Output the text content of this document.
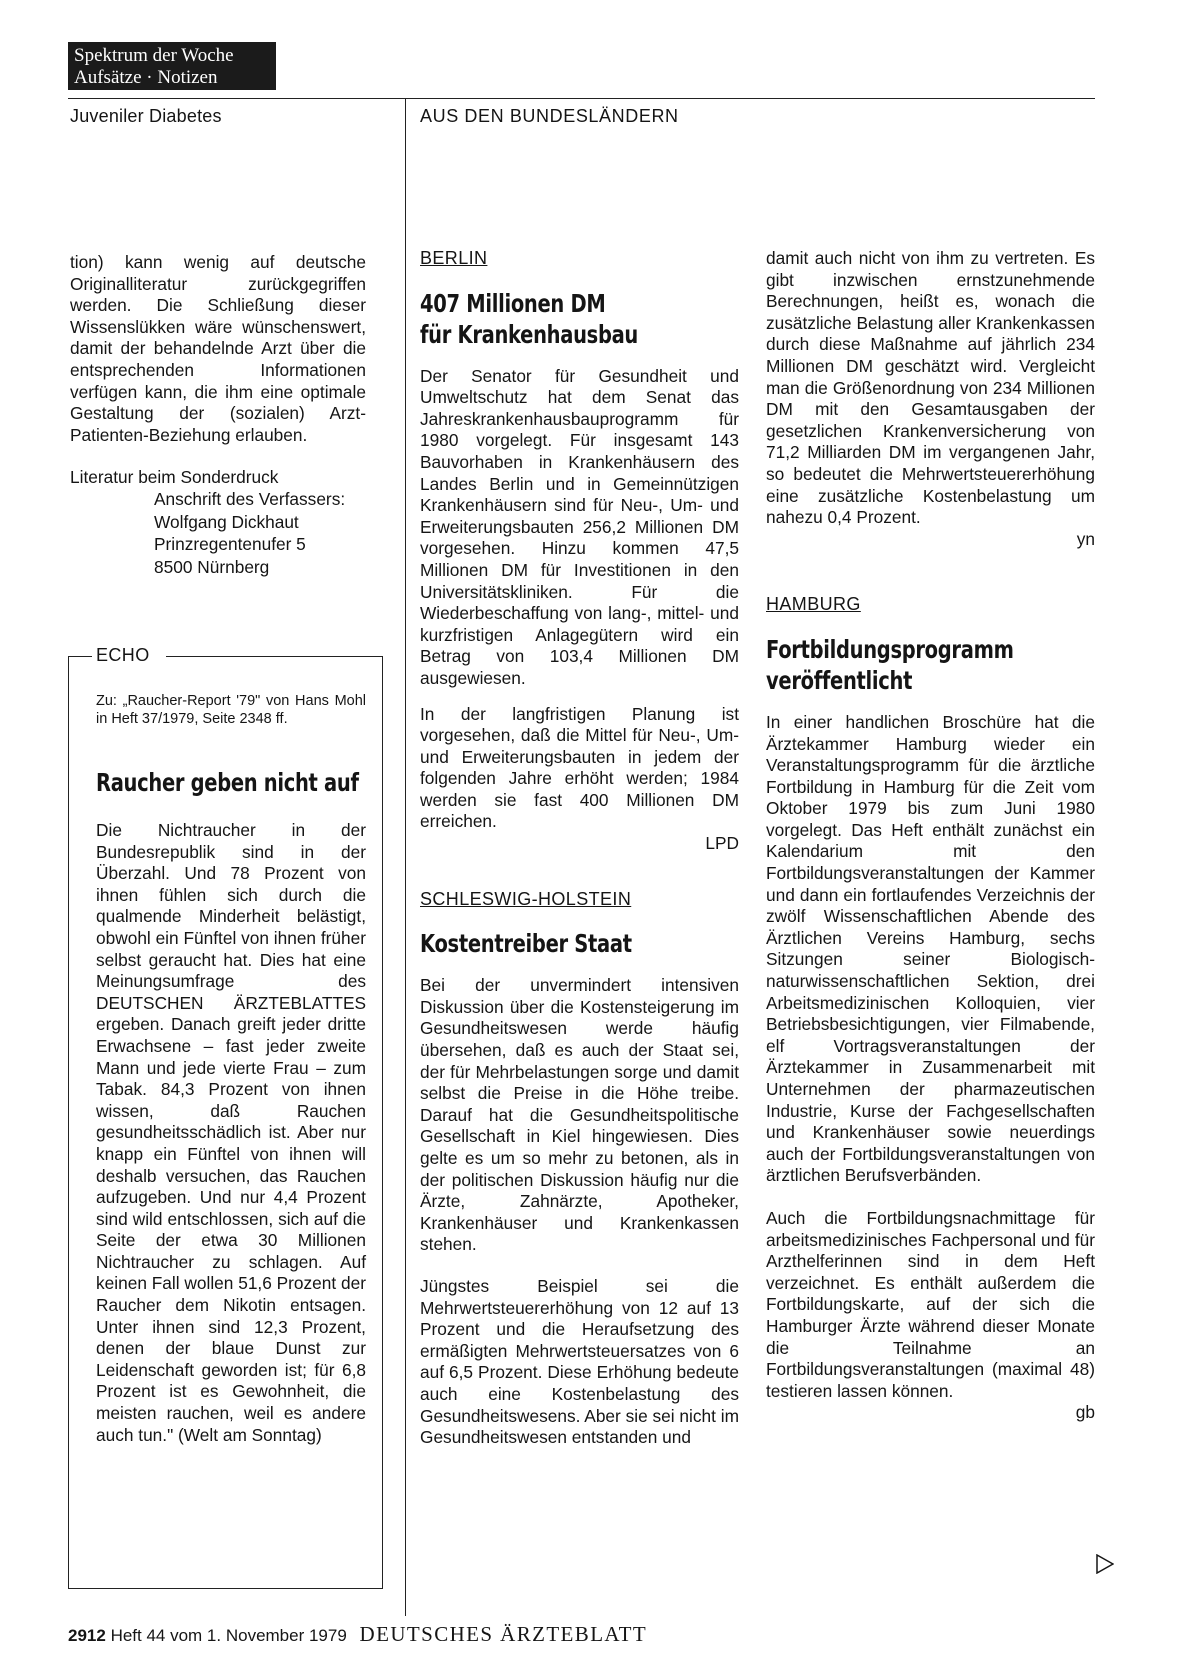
Spektrum der Woche
Aufsätze · Notizen
Juveniler Diabetes	AUS DEN BUNDESLÄNDERN

tion) kann wenig auf deutsche Originalliteratur zurückgegriffen werden. Die Schließung dieser Wissenslükken wäre wünschenswert, damit der behandelnde Arzt über die entsprechenden Informationen verfügen kann, die ihm eine optimale Gestaltung der (sozialen) Arzt-Patienten-Beziehung erlauben.

Literatur beim Sonderdruck

Anschrift des Verfassers:
Wolfgang Dickhaut
Prinzregentenufer 5
8500 Nürnberg
ECHO
Zu: „Raucher-Report '79" von Hans Mohl in Heft 37/1979, Seite 2348 ff.
Raucher geben nicht auf
Die Nichtraucher in der Bundesrepublik sind in der Überzahl. Und 78 Prozent von ihnen fühlen sich durch die qualmende Minderheit belästigt, obwohl ein Fünftel von ihnen früher selbst geraucht hat. Dies hat eine Meinungsumfrage des DEUTSCHEN ÄRZTEBLATTES ergeben. Danach greift jeder dritte Erwachsene – fast jeder zweite Mann und jede vierte Frau – zum Tabak. 84,3 Prozent von ihnen wissen, daß Rauchen gesundheitsschädlich ist. Aber nur knapp ein Fünftel von ihnen will deshalb versuchen, das Rauchen aufzugeben. Und nur 4,4 Prozent sind wild entschlossen, sich auf die Seite der etwa 30 Millionen Nichtraucher zu schlagen. Auf keinen Fall wollen 51,6 Prozent der Raucher dem Nikotin entsagen. Unter ihnen sind 12,3 Prozent, denen der blaue Dunst zur Leidenschaft geworden ist; für 6,8 Prozent ist es Gewohnheit, die meisten rauchen, weil es andere auch tun." (Welt am Sonntag)
BERLIN
407 Millionen DM
für Krankenhausbau

Der Senator für Gesundheit und Umweltschutz hat dem Senat das Jahreskrankenhausbauprogramm für 1980 vorgelegt. Für insgesamt 143 Bauvorhaben in Krankenhäusern des Landes Berlin und in Gemeinnützigen Krankenhäusern sind für Neu-, Um- und Erweiterungsbauten 256,2 Millionen DM vorgesehen. Hinzu kommen 47,5 Millionen DM für Investitionen in den Universitätskliniken. Für die Wiederbeschaffung von lang-, mittel- und kurzfristigen Anlagegütern wird ein Betrag von 103,4 Millionen DM ausgewiesen.

In der langfristigen Planung ist vorgesehen, daß die Mittel für Neu-, Um- und Erweiterungsbauten in jedem der folgenden Jahre erhöht werden; 1984 werden sie fast 400 Millionen DM erreichen.

LPD
SCHLESWIG-HOLSTEIN
Kostentreiber Staat

Bei der unvermindert intensiven Diskussion über die Kostensteigerung im Gesundheitswesen werde häufig übersehen, daß es auch der Staat sei, der für Mehrbelastungen sorge und damit selbst die Preise in die Höhe treibe. Darauf hat die Gesundheitspolitische Gesellschaft in Kiel hingewiesen. Dies gelte es um so mehr zu betonen, als in der politischen Diskussion häufig nur die Ärzte, Zahnärzte, Apotheker, Krankenhäuser und Krankenkassen stehen.

Jüngstes Beispiel sei die Mehrwertsteuererhöhung von 12 auf 13 Prozent und die Heraufsetzung des ermäßigten Mehrwertsteuersatzes von 6 auf 6,5 Prozent. Diese Erhöhung bedeute auch eine Kostenbelastung des Gesundheitswesens. Aber sie sei nicht im Gesundheitswesen entstanden und

damit auch nicht von ihm zu vertreten. Es gibt inzwischen ernstzunehmende Berechnungen, heißt es, wonach die zusätzliche Belastung aller Krankenkassen durch diese Maßnahme auf jährlich 234 Millionen DM geschätzt wird. Vergleicht man die Größenordnung von 234 Millionen DM mit den Gesamtausgaben der gesetzlichen Krankenversicherung von 71,2 Milliarden DM im vergangenen Jahr, so bedeutet die Mehrwertsteuererhöhung eine zusätzliche Kostenbelastung um nahezu 0,4 Prozent.

yn
HAMBURG
Fortbildungsprogramm
veröffentlicht

In einer handlichen Broschüre hat die Ärztekammer Hamburg wieder ein Veranstaltungsprogramm für die ärztliche Fortbildung in Hamburg für die Zeit vom Oktober 1979 bis zum Juni 1980 vorgelegt. Das Heft enthält zunächst ein Kalendarium mit den Fortbildungsveranstaltungen der Kammer und dann ein fortlaufendes Verzeichnis der zwölf Wissenschaftlichen Abende des Ärztlichen Vereins Hamburg, sechs Sitzungen seiner Biologisch-naturwissenschaftlichen Sektion, drei Arbeitsmedizinischen Kolloquien, vier Betriebsbesichtigungen, vier Filmabende, elf Vortragsveranstaltungen der Ärztekammer in Zusammenarbeit mit Unternehmen der pharmazeutischen Industrie, Kurse der Fachgesellschaften und Krankenhäuser sowie neuerdings auch der Fortbildungsveranstaltungen von ärztlichen Berufsverbänden.

Auch die Fortbildungsnachmittage für arbeitsmedizinisches Fachpersonal und für Arzthelferinnen sind in dem Heft verzeichnet. Es enthält außerdem die Fortbildungskarte, auf der sich die Hamburger Ärzte während dieser Monate die Teilnahme an Fortbildungsveranstaltungen (maximal 48) testieren lassen können.

gb
2912 Heft 44 vom 1. November 1979 DEUTSCHES ÄRZTEBLATT
